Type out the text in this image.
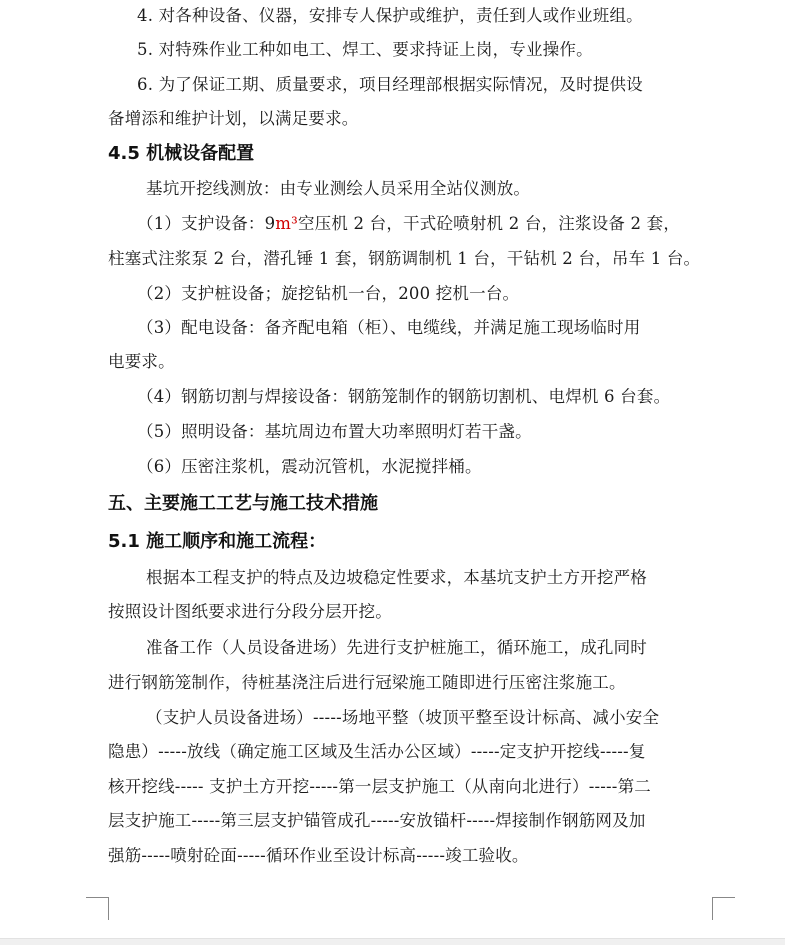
4. 对各种设备、仪器，安排专人保护或维护，责任到人或作业班组。
5. 对特殊作业工种如电工、焊工、要求持证上岗，专业操作。
6. 为了保证工期、质量要求，项目经理部根据实际情况，及时提供设
备增添和维护计划，以满足要求。
4.5 机械设备配置
基坑开挖线测放：由专业测绘人员采用全站仪测放。
（1）支护设备：9m³空压机 2 台，干式砼喷射机 2 台，注浆设备 2 套，
柱塞式注浆泵 2 台，潜孔锤 1 套，钢筋调制机 1 台，干钻机 2 台，吊车 1 台。
（2）支护桩设备；旋挖钻机一台，200 挖机一台。
（3）配电设备：备齐配电箱（柜）、电缆线，并满足施工现场临时用
电要求。
（4）钢筋切割与焊接设备：钢筋笼制作的钢筋切割机、电焊机 6 台套。
（5）照明设备：基坑周边布置大功率照明灯若干盏。
（6）压密注浆机，震动沉管机，水泥搅拌桶。
五、主要施工工艺与施工技术措施
5.1 施工顺序和施工流程：
根据本工程支护的特点及边坡稳定性要求，本基坑支护土方开挖严格
按照设计图纸要求进行分段分层开挖。
准备工作（人员设备进场）先进行支护桩施工，循环施工，成孔同时
进行钢筋笼制作，待桩基浇注后进行冠梁施工随即进行压密注浆施工。
（支护人员设备进场）-----场地平整（坡顶平整至设计标高、减小安全
隐患）-----放线（确定施工区域及生活办公区域）-----定支护开挖线-----复
核开挖线----- 支护土方开挖-----第一层支护施工（从南向北进行）-----第二
层支护施工-----第三层支护锚管成孔-----安放锚杆-----焊接制作钢筋网及加
强筋-----喷射砼面-----循环作业至设计标高-----竣工验收。
